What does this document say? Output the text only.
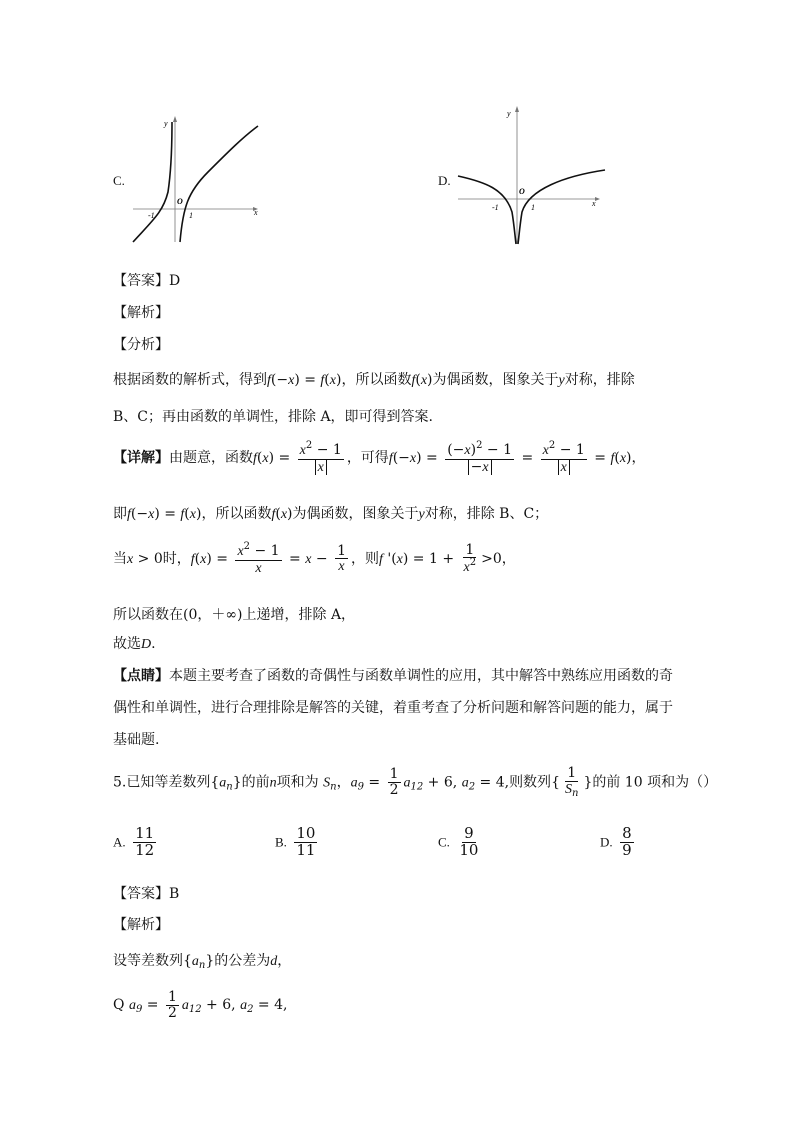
C.
y
x
O
-1	1
D.
y
x
O
-1	1
【答案】D
【解析】
【分析】
根据函数的解析式，得到f(−x) = f(x)，所以函数f(x)为偶函数，图象关于y对称，排除
B、C；再由函数的单调性，排除 A，即可得到答案.
【详解】由题意，函数$f(x) = \frac{x^2 - 1}{x}$ ，可得$f(-x) = \frac{(-x)^2 - 1}{-x} = \frac{x^2 - 1}{x} = f(x)$，
即f(−x) = f(x)，所以函数f(x)为偶函数，图象关于y对称，排除 B、C；
当x > 0时，$f(x) = \frac{x^2 - 1}{x} = x - \frac{1}{x}$ ，则f '$(x) = 1 + \frac{1}{x^2} >0$，
所以函数在(0，＋∞)上递增，排除 A，
故选D.
【点睛】本题主要考查了函数的奇偶性与函数单调性的应用，其中解答中熟练应用函数的奇
偶性和单调性，进行合理排除是解答的关键，着重考查了分析问题和解答问题的能力，属于
基础题.
5.已知等差数列$\{a_n\}$的前n项和为 $S_n$，$a_9 = \frac{1}{2} a_{12} + 6$, $a_2 = 4$,则数列{ $\frac{1}{S_n}$ }的前 10 项和为（）
A. $\frac{11}{12}$	B. $\frac{10}{11}$	C. $\frac{9}{10}$	D. $\frac{8}{9}$
【答案】B
【解析】
设等差数列$\{a_n\}$的公差为d，
Q $a_9 = \frac{1}{2} a_{12} + 6$, $a_2 = 4$,
